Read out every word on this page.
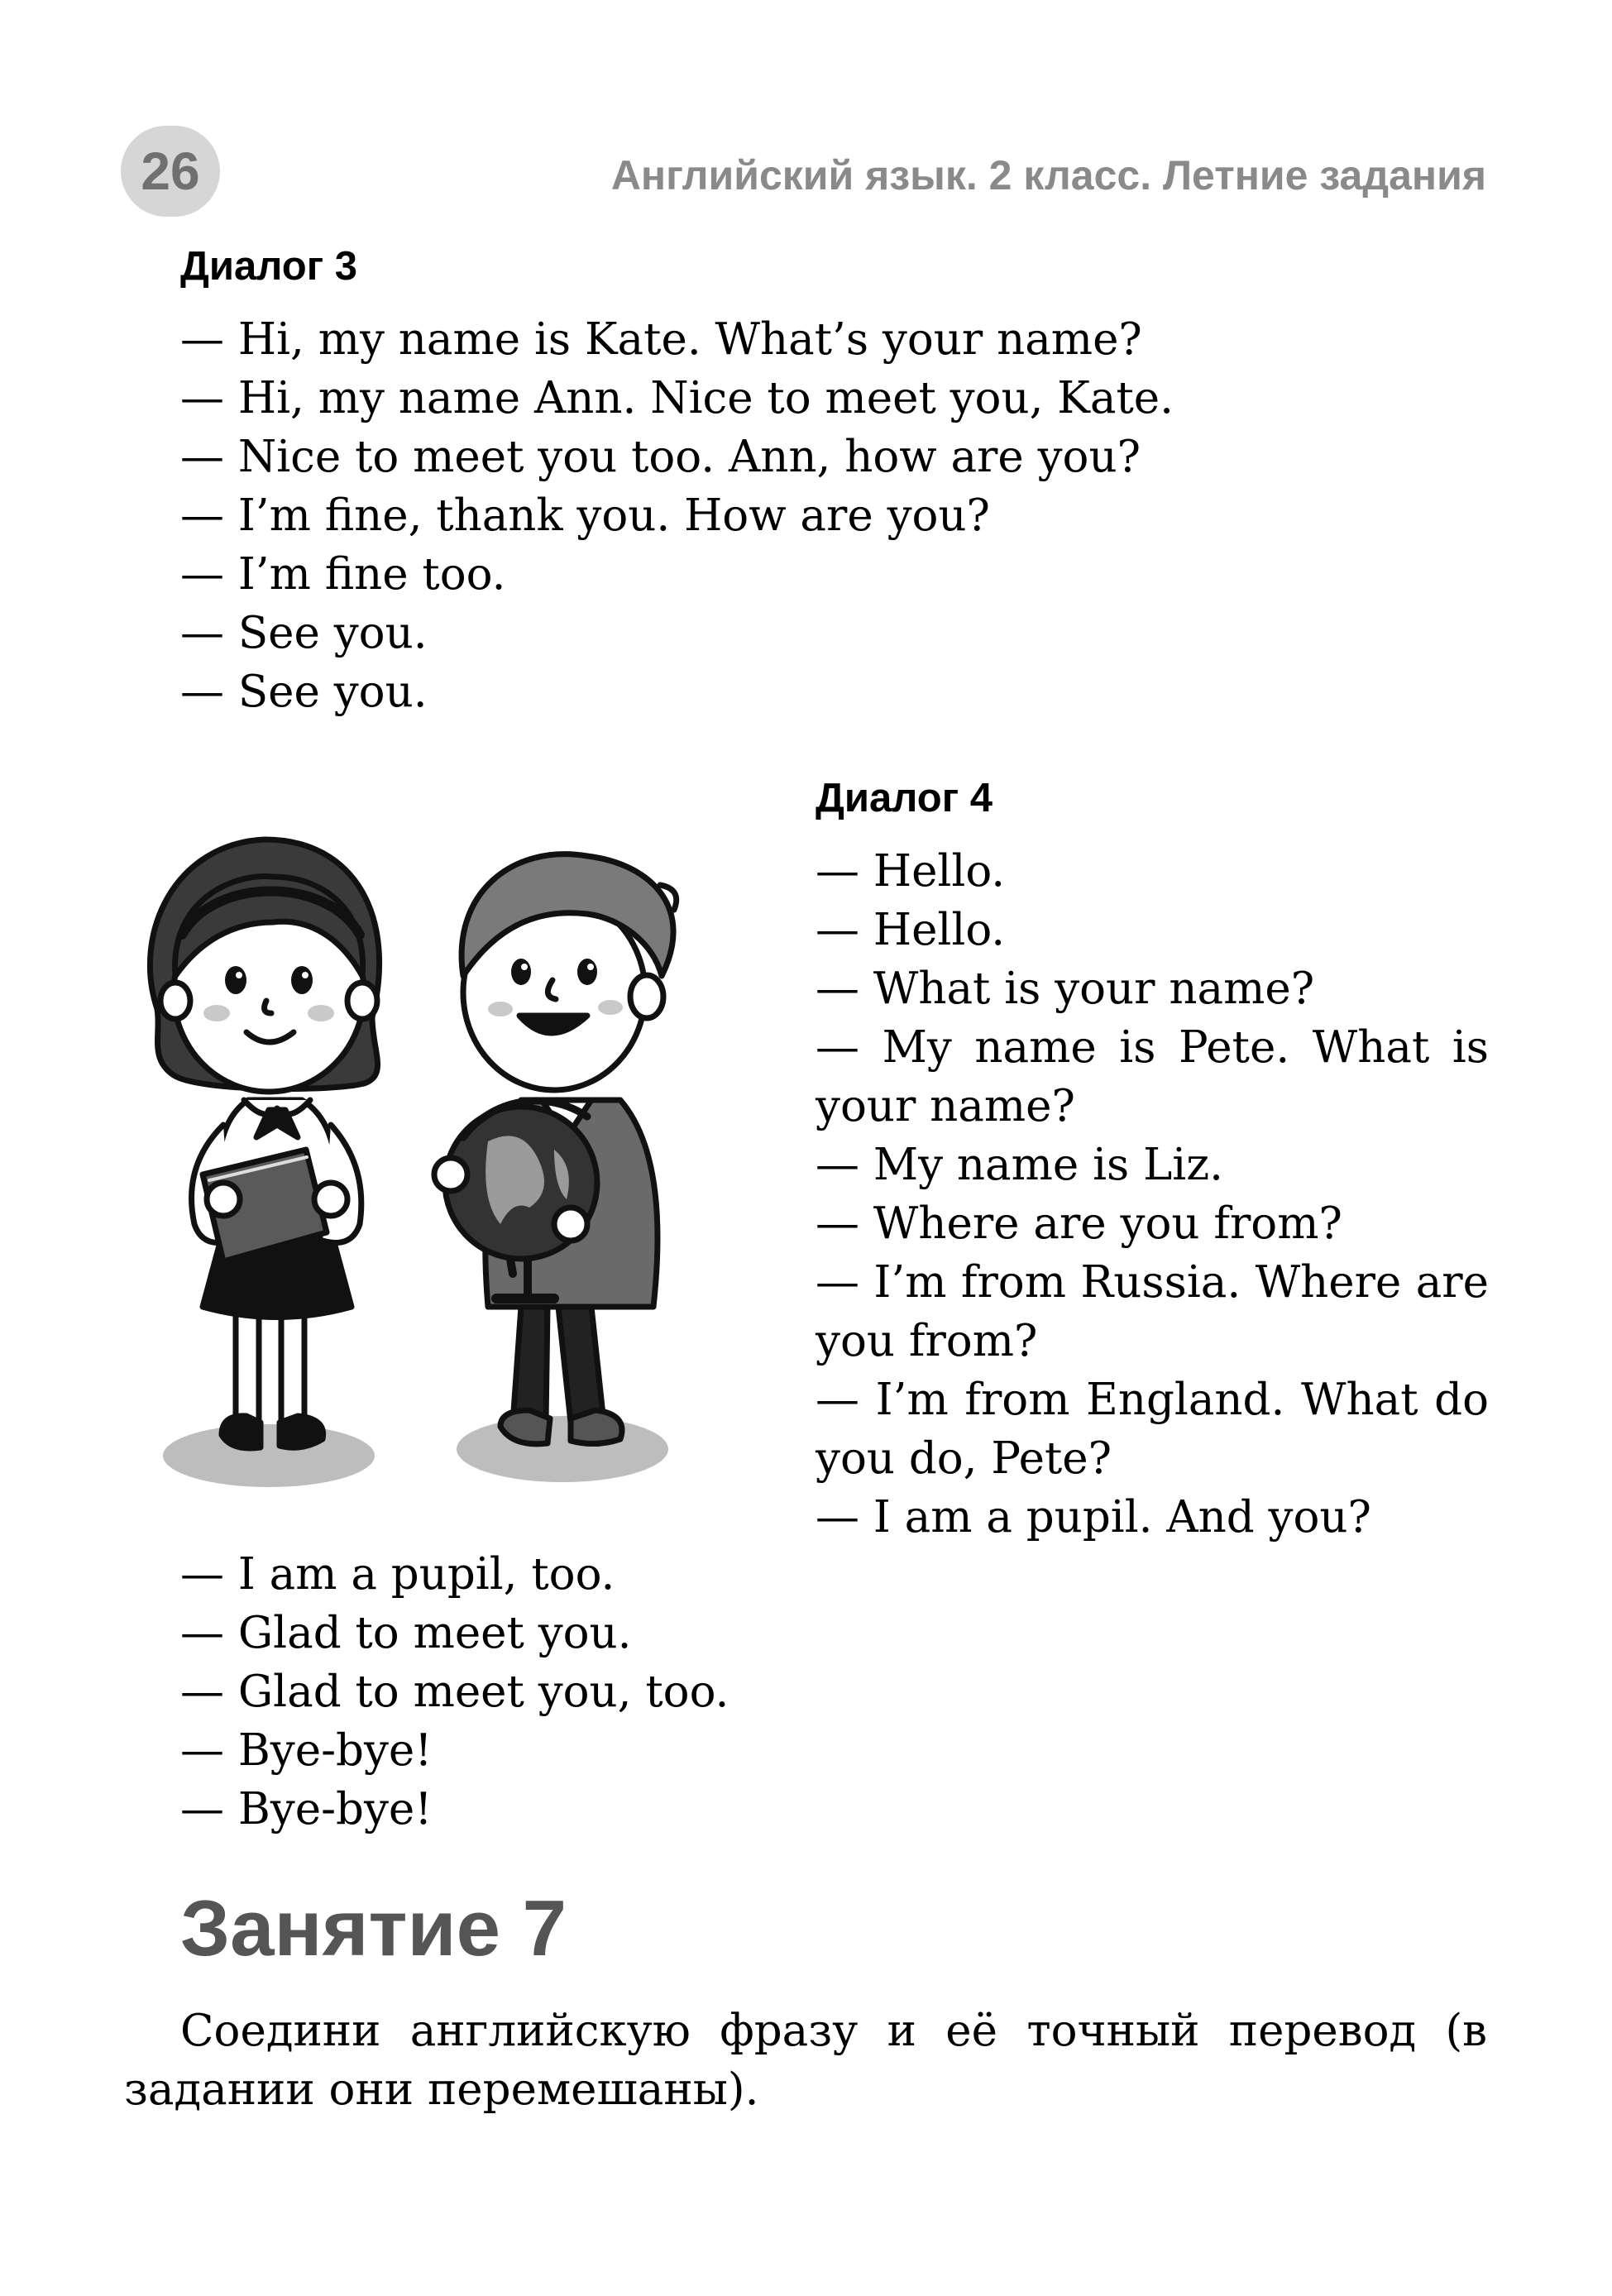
26	Английский язык. 2 класс. Летние задания
Диалог 3
— Hi, my name is Kate. What’s your name?
— Hi, my name Ann. Nice to meet you, Kate.
— Nice to meet you too. Ann, how are you?
— I’m fine, thank you. How are you?
— I’m fine too.
— See you.
— See you.
Диалог 4
— Hello.
— Hello.
— What is your name?
— My name is Pete. What is your name?
— My name is Liz.
— Where are you from?
— I’m from Russia. Where are you from?
— I’m from England. What do you do, Pete?
— I am a pupil. And you?
— I am a pupil, too.
— Glad to meet you.
— Glad to meet you, too.
— Bye-bye!
— Bye-bye!
Занятие 7
Соедини английскую фразу и её точный перевод (в задании они перемешаны).
